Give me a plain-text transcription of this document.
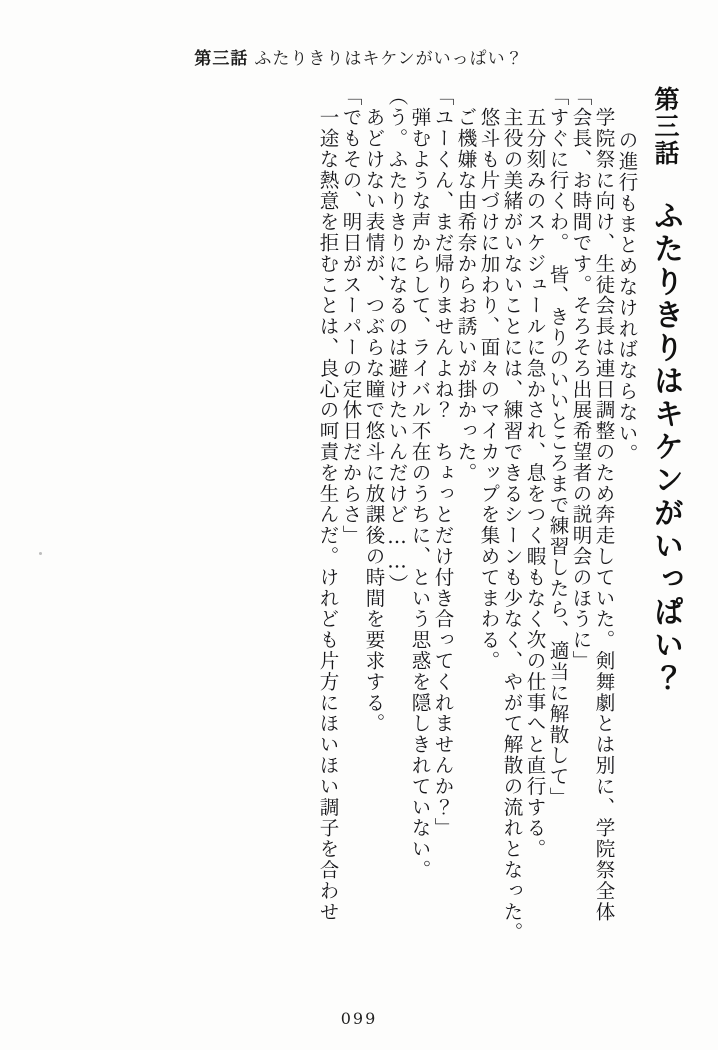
第三話 ふたりきりはキケンがいっぱい？
第三話　ふたりきりはキケンがいっぱい？
の進行もまとめなければならない。
　学院祭に向け、生徒会長は連日調整のため奔走していた。剣舞劇とは別に、学院祭全体
「会長、お時間です。そろそろ出展希望者の説明会のほうに」
「すぐに行くわ。　皆、きりのいいところまで練習したら、適当に解散して」
　五分刻みのスケジュールに急かされ、息をつく暇もなく次の仕事へと直行する。
　主役の美緒がいないことには、練習できるシーンも少なく、やがて解散の流れとなった。
　悠斗も片づけに加わり、面々のマイカップを集めてまわる。
　ご機嫌な由希奈からお誘いが掛かった。
「ユーくん、まだ帰りませんよね？　ちょっとだけ付き合ってくれませんか？」
　弾むような声からして、ライバル不在のうちに、という思惑を隠しきれていない。
（う。ふたりきりになるのは避けたいんだけど……）
　あどけない表情が、つぶらな瞳で悠斗に放課後の時間を要求する。
「でもその、明日がスーパーの定休日だからさ」
　一途な熱意を拒むことは、良心の呵責を生んだ。けれども片方にほいほい調子を合わせ
099
